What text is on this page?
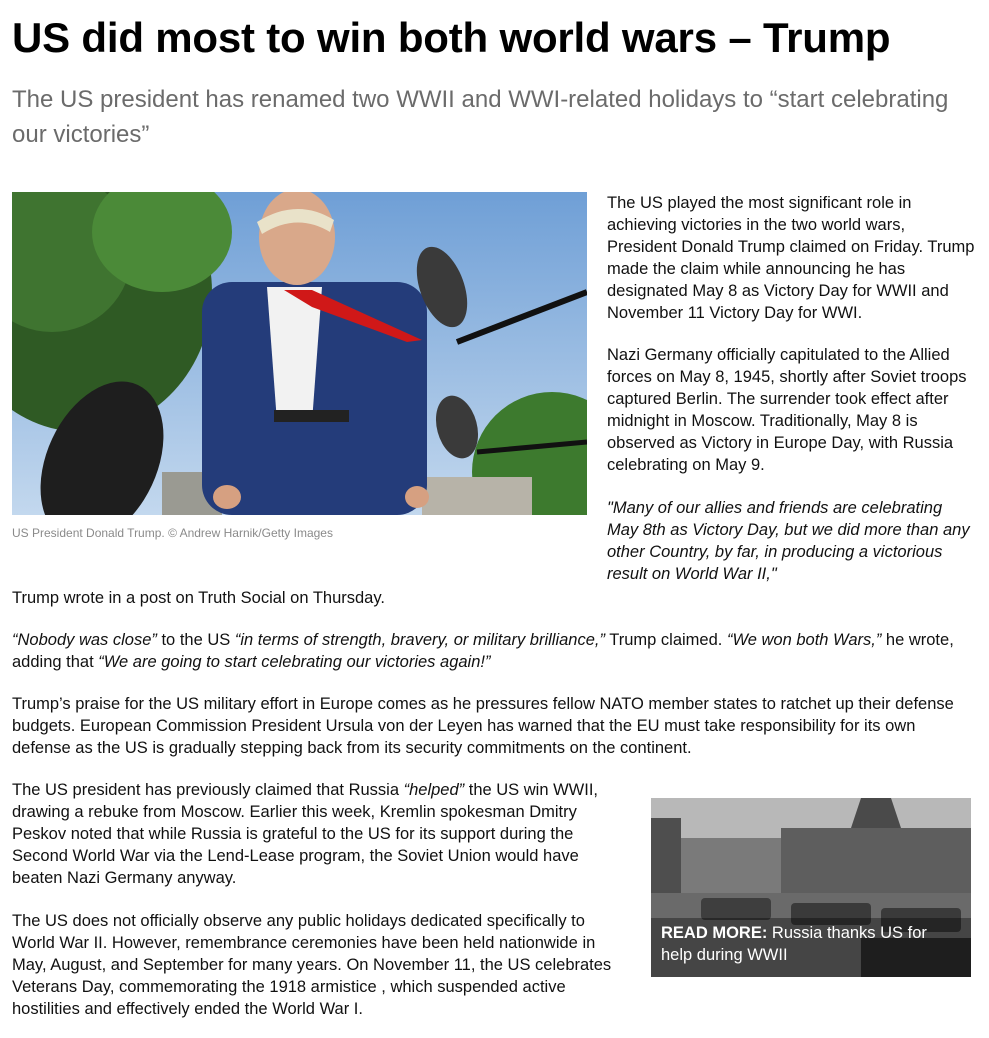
US did most to win both world wars – Trump
The US president has renamed two WWII and WWI-related holidays to “start celebrating our victories”
US President Donald Trump. © Andrew Harnik/Getty Images

The US played the most significant role in achieving victories in the two world wars, President Donald Trump claimed on Friday. Trump made the claim while announcing he has designated May 8 as Victory Day for WWII and November 11 Victory Day for WWI.

Nazi Germany officially capitulated to the Allied forces on May 8, 1945, shortly after Soviet troops captured Berlin. The surrender took effect after midnight in Moscow. Traditionally, May 8 is observed as Victory in Europe Day, with Russia celebrating on May 9.

"Many of our allies and friends are celebrating May 8th as Victory Day, but we did more than any other Country, by far, in producing a victorious result on World War II,"

Trump wrote in a post on Truth Social on Thursday.

“Nobody was close” to the US “in terms of strength, bravery, or military brilliance,” Trump claimed. “We won both Wars,” he wrote, adding that “We are going to start celebrating our victories again!”

Trump’s praise for the US military effort in Europe comes as he pressures fellow NATO member states to ratchet up their defense budgets. European Commission President Ursula von der Leyen has warned that the EU must take responsibility for its own defense as the US is gradually stepping back from its security commitments on the continent.

The US president has previously claimed that Russia “helped” the US win WWII, drawing a rebuke from Moscow. Earlier this week, Kremlin spokesman Dmitry Peskov noted that while Russia is grateful to the US for its support during the Second World War via the Lend-Lease program, the Soviet Union would have beaten Nazi Germany anyway.

The US does not officially observe any public holidays dedicated specifically to World War II. However, remembrance ceremonies have been held nationwide in May, August, and September for many years. On November 11, the US celebrates Veterans Day, commemorating the 1918 armistice , which suspended active hostilities and effectively ended the World War I.

READ MORE: Russia thanks US for help during WWII
